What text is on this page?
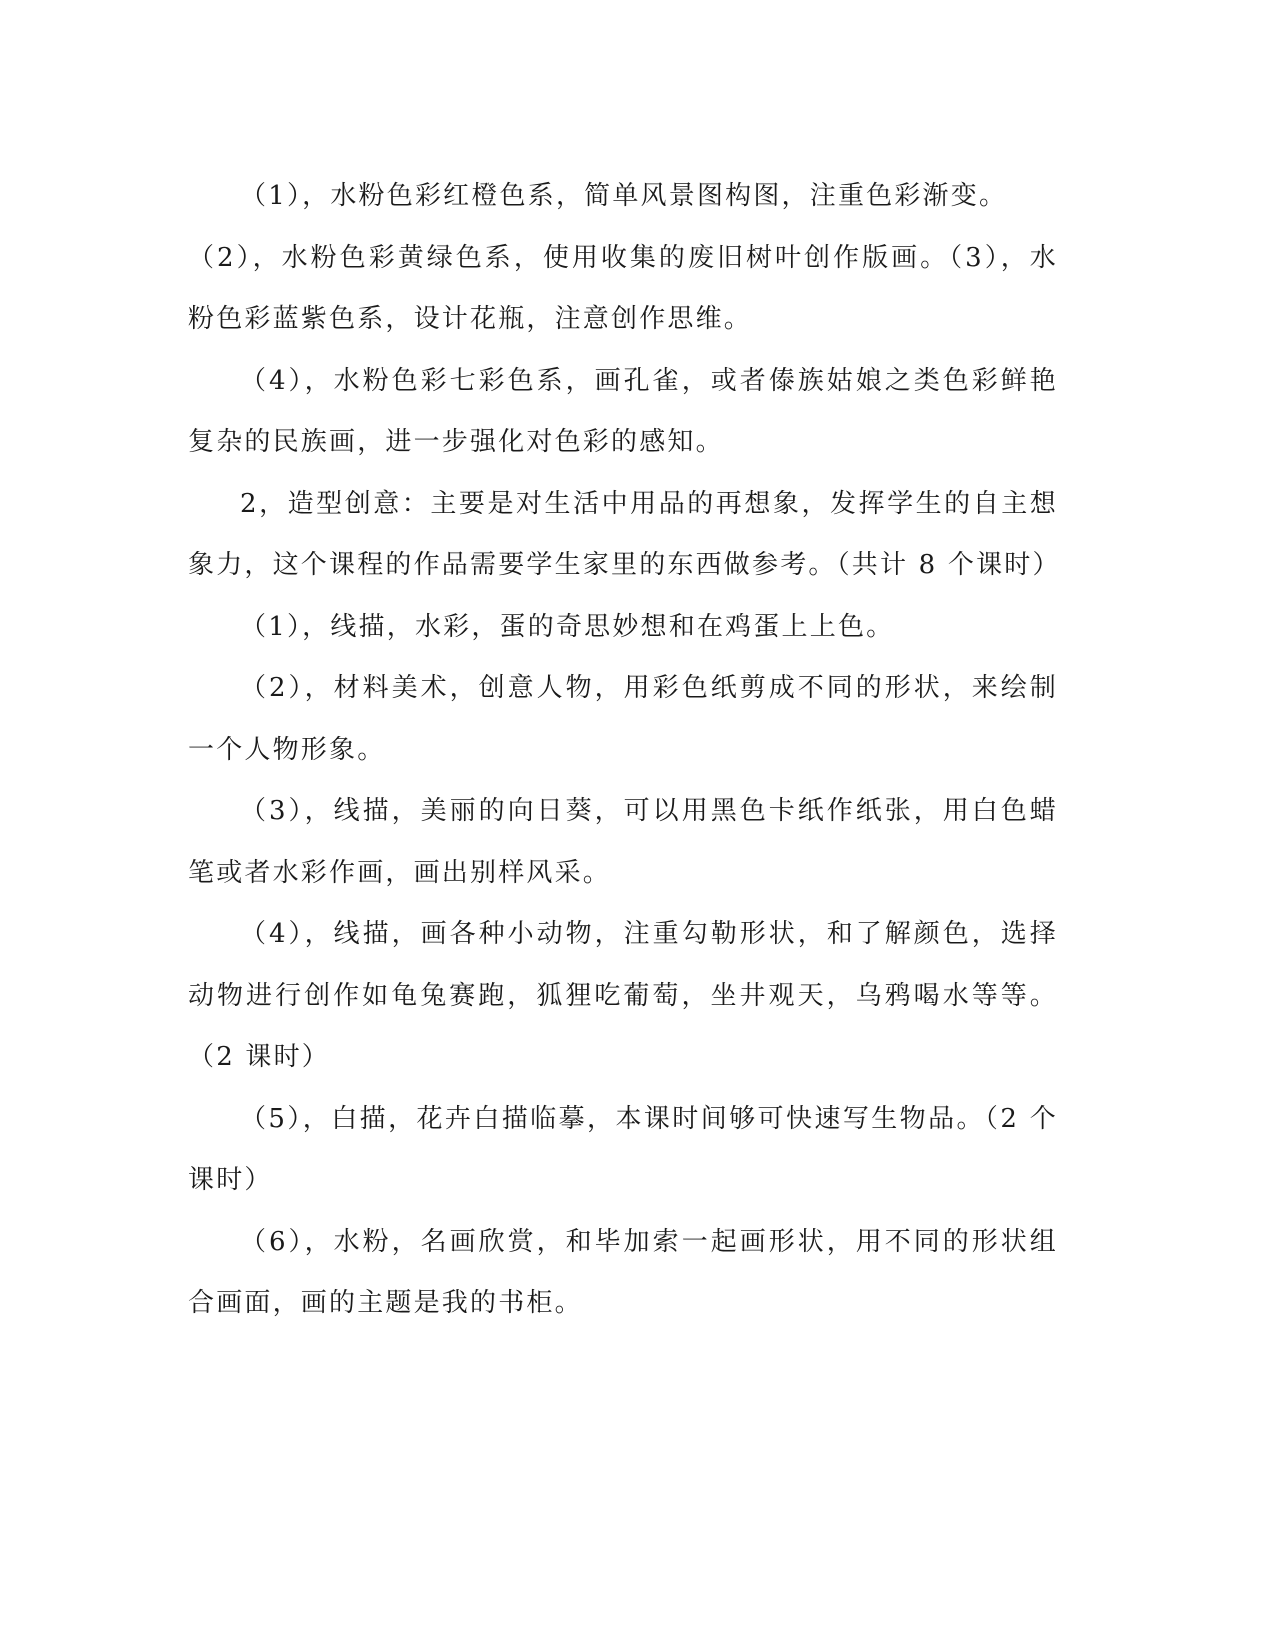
（1），水粉色彩红橙色系，简单风景图构图，注重色彩渐变。

（2），水粉色彩黄绿色系，使用收集的废旧树叶创作版画。（3），水粉色彩蓝紫色系，设计花瓶，注意创作思维。

（4），水粉色彩七彩色系，画孔雀，或者傣族姑娘之类色彩鲜艳复杂的民族画，进一步强化对色彩的感知。

2，造型创意：主要是对生活中用品的再想象，发挥学生的自主想象力，这个课程的作品需要学生家里的东西做参考。（共计 8 个课时）

（1），线描，水彩，蛋的奇思妙想和在鸡蛋上上色。

（2），材料美术，创意人物，用彩色纸剪成不同的形状，来绘制一个人物形象。

（3），线描，美丽的向日葵，可以用黑色卡纸作纸张，用白色蜡笔或者水彩作画，画出别样风采。

（4），线描，画各种小动物，注重勾勒形状，和了解颜色，选择动物进行创作如龟兔赛跑，狐狸吃葡萄，坐井观天，乌鸦喝水等等。（2 课时）

（5），白描，花卉白描临摹，本课时间够可快速写生物品。（2 个课时）

（6），水粉，名画欣赏，和毕加索一起画形状，用不同的形状组合画面，画的主题是我的书柜。
